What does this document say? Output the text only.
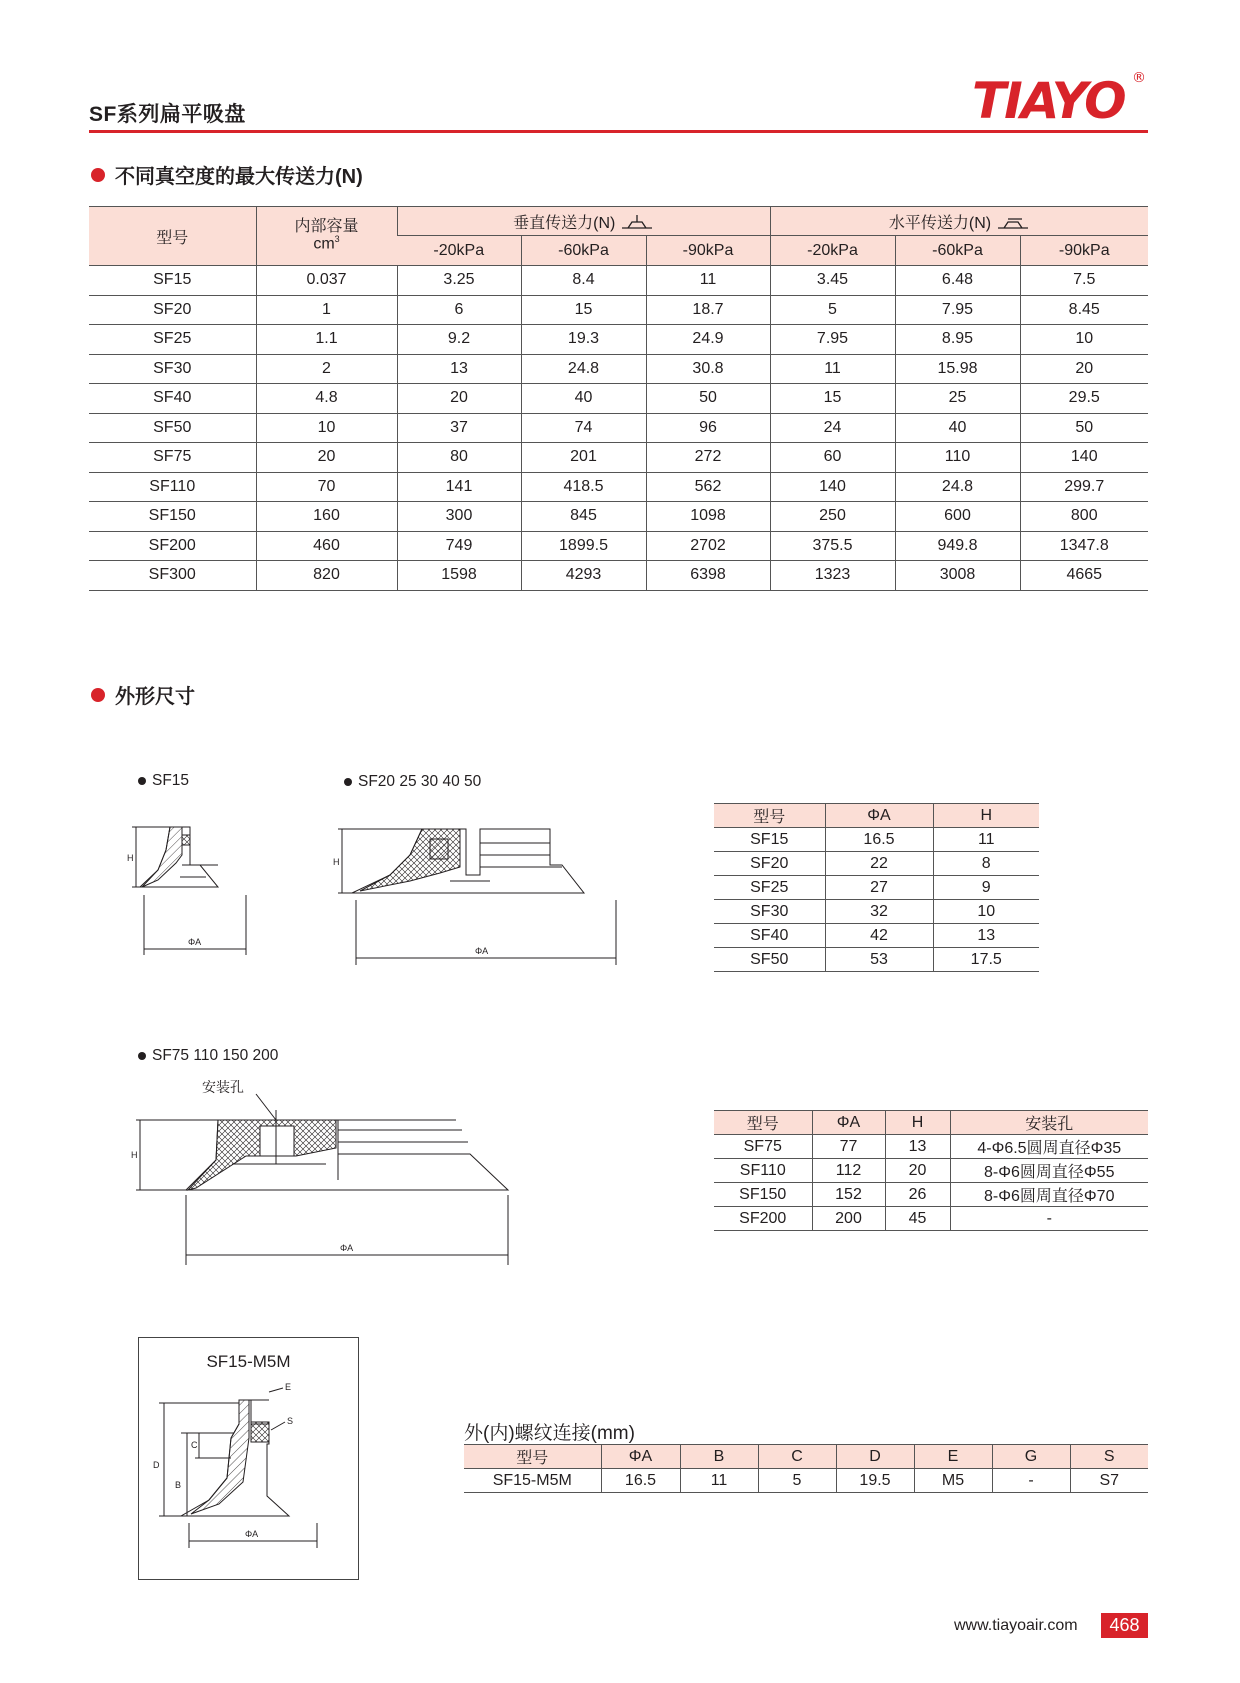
SF系列扁平吸盘	TIAYO ®
不同真空度的最大传送力(N)
型号	内部容量
$cm^3$	垂直传送力(N)			水平传送力(N)		
		-20kPa	-60kPa	-90kPa	-20kPa	-60kPa	-90kPa
SF15	0.037	3.25	8.4	11	3.45	6.48	7.5
SF20	1	6	15	18.7	5	7.95	8.45
SF25	1.1	9.2	19.3	24.9	7.95	8.95	10
SF30	2	13	24.8	30.8	11	15.98	20
SF40	4.8	20	40	50	15	25	29.5
SF50	10	37	74	96	24	40	50
SF75	20	80	201	272	60	110	140
SF110	70	141	418.5	562	140	24.8	299.7
SF150	160	300	845	1098	250	600	800
SF200	460	749	1899.5	2702	375.5	949.8	1347.8
SF300	820	1598	4293	6398	1323	3008	4665
外形尺寸
SF15	SF20 25 30 40 50
SF75 110 150 200
H
ΦA
H
ΦA
H
ΦA
安装孔
型号	ΦA	H
SF15	16.5	11
SF20	22	8
SF25	27	9
SF30	32	10
SF40	42	13
SF50	53	17.5
型号	ΦA	H	安装孔
SF75	77	13	4-Φ6.5圆周直径Φ35
SF110	112	20	8-Φ6圆周直径Φ55
SF150	152	26	8-Φ6圆周直径Φ70
SF200	200	45	-
SF15-M5M
D
B
C
E
S
ΦA
外(内)螺纹连接(mm)
型号	ΦA	B	C	D	E	G	S
SF15-M5M	16.5	11	5	19.5	M5	-	S7
www.tiayoair.com	468
